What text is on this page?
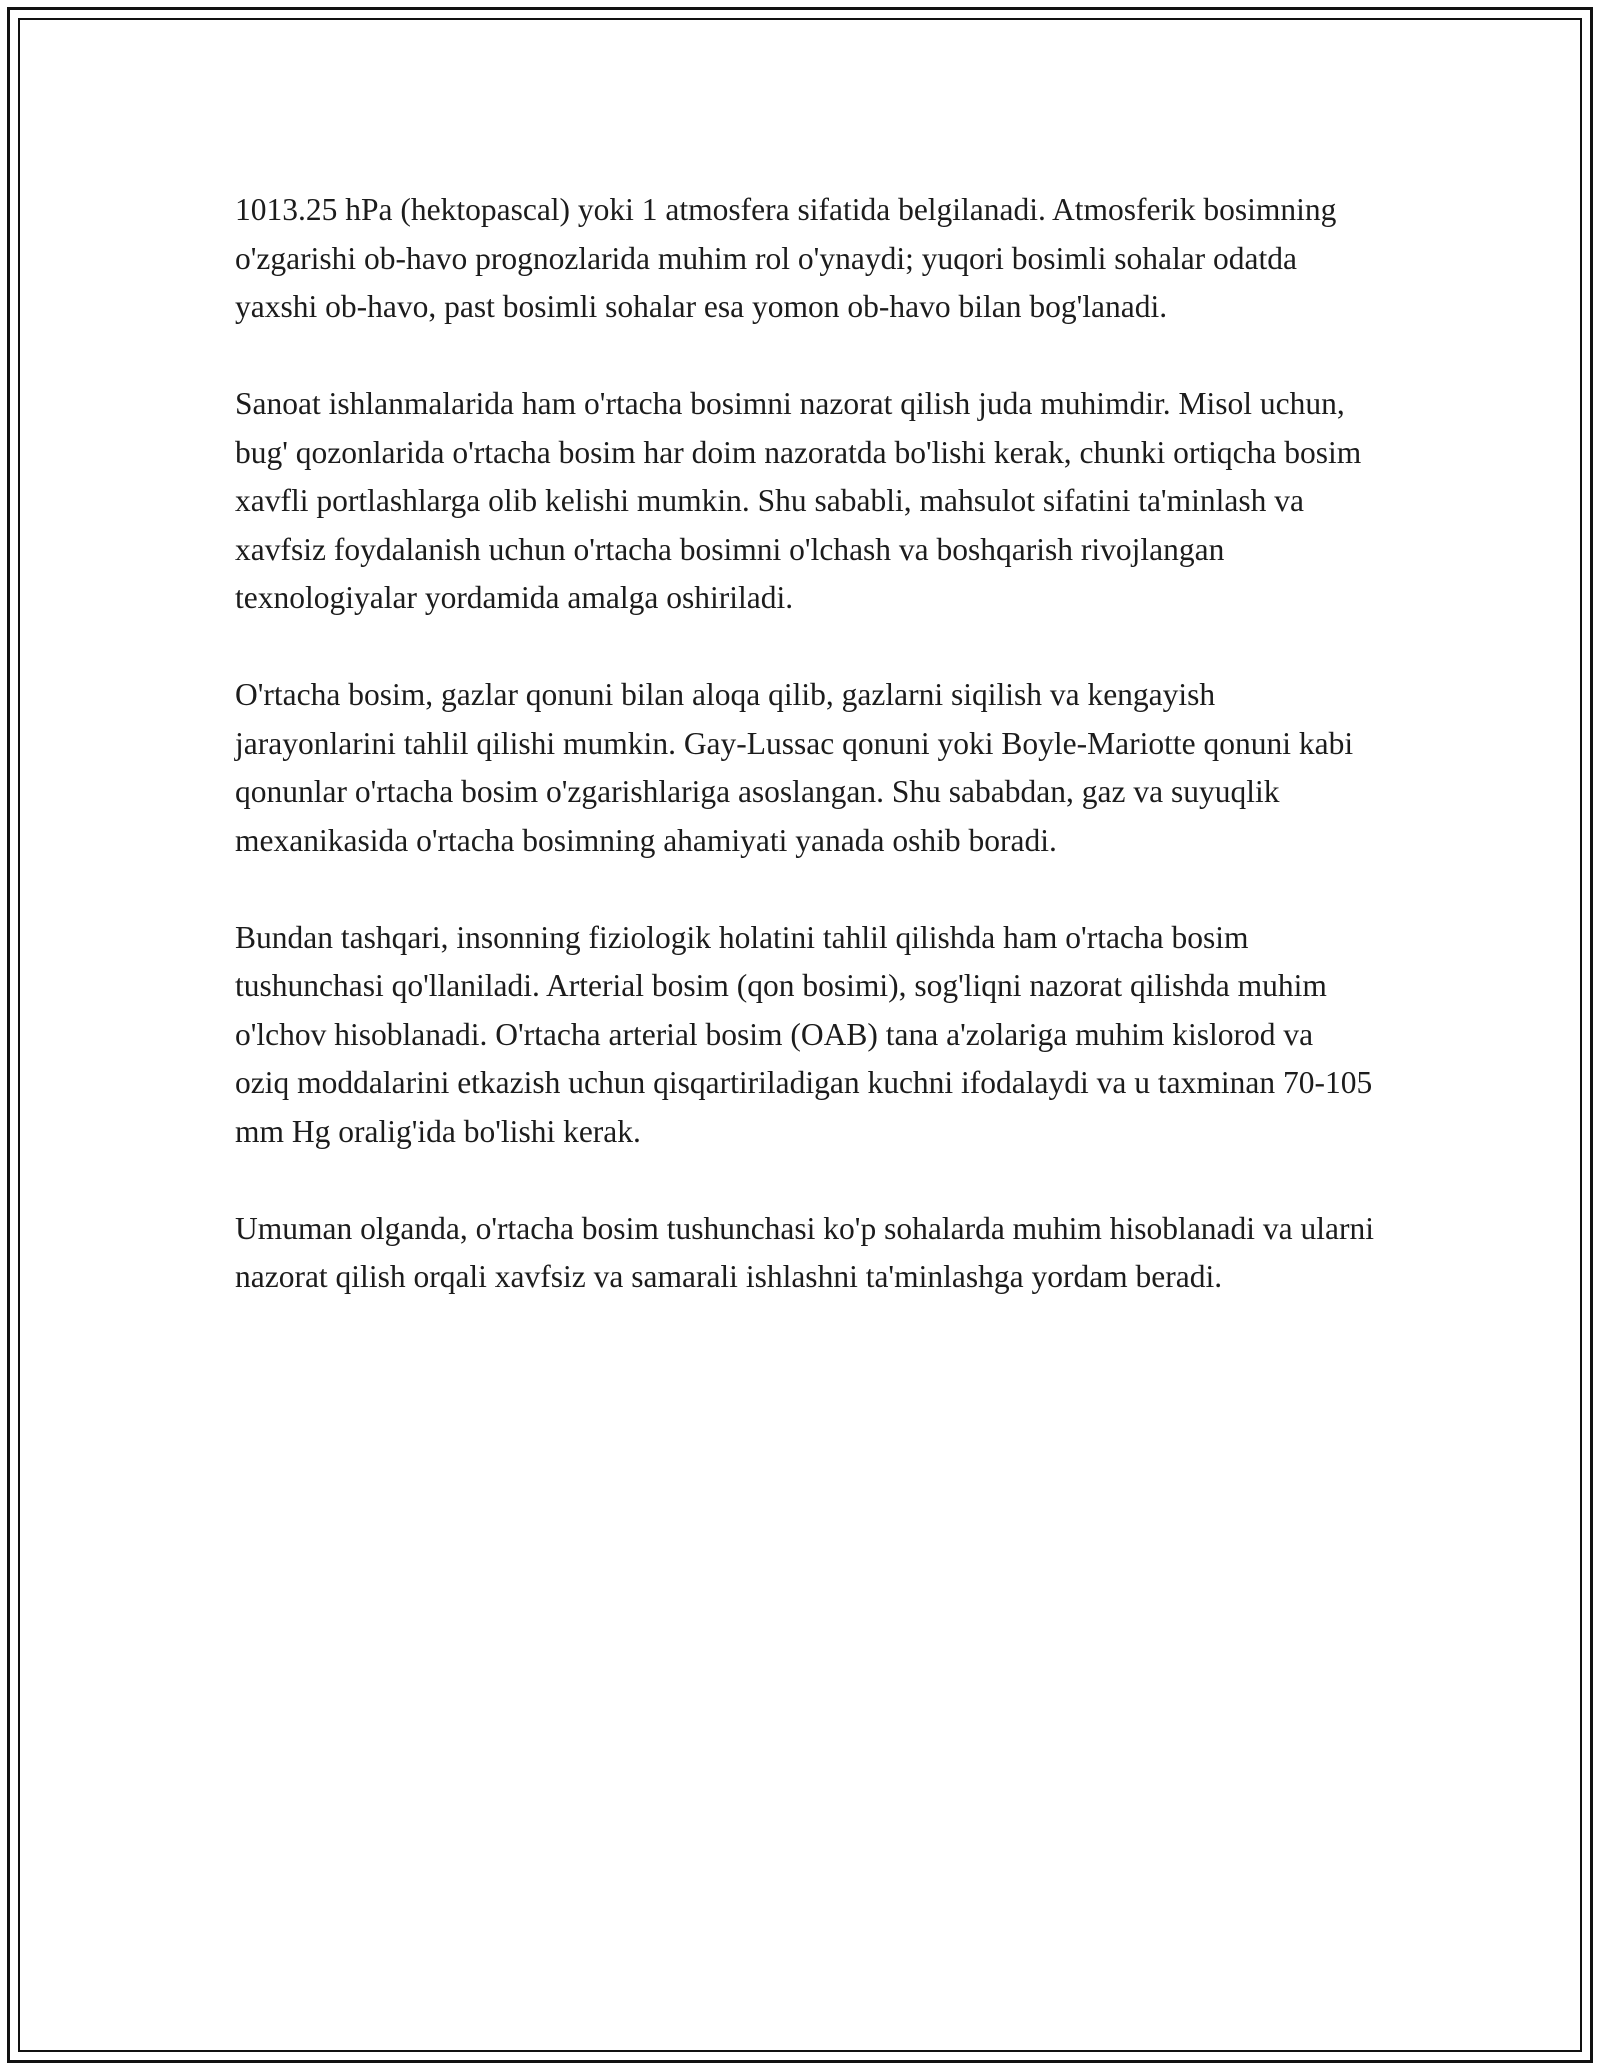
1013.25 hPa (hektopascal) yoki 1 atmosfera sifatida belgilanadi. Atmosferik bosimning o'zgarishi ob-havo prognozlarida muhim rol o'ynaydi; yuqori bosimli sohalar odatda yaxshi ob-havo, past bosimli sohalar esa yomon ob-havo bilan bog'lanadi.

Sanoat ishlanmalarida ham o'rtacha bosimni nazorat qilish juda muhimdir. Misol uchun, bug' qozonlarida o'rtacha bosim har doim nazoratda bo'lishi kerak, chunki ortiqcha bosim xavfli portlashlarga olib kelishi mumkin. Shu sababli, mahsulot sifatini ta'minlash va xavfsiz foydalanish uchun o'rtacha bosimni o'lchash va boshqarish rivojlangan texnologiyalar yordamida amalga oshiriladi.

O'rtacha bosim, gazlar qonuni bilan aloqa qilib, gazlarni siqilish va kengayish jarayonlarini tahlil qilishi mumkin. Gay-Lussac qonuni yoki Boyle-Mariotte qonuni kabi qonunlar o'rtacha bosim o'zgarishlariga asoslangan. Shu sababdan, gaz va suyuqlik mexanikasida o'rtacha bosimning ahamiyati yanada oshib boradi.

Bundan tashqari, insonning fiziologik holatini tahlil qilishda ham o'rtacha bosim tushunchasi qo'llaniladi. Arterial bosim (qon bosimi), sog'liqni nazorat qilishda muhim o'lchov hisoblanadi. O'rtacha arterial bosim (OAB) tana a'zolariga muhim kislorod va oziq moddalarini etkazish uchun qisqartiriladigan kuchni ifodalaydi va u taxminan 70-105 mm Hg oralig'ida bo'lishi kerak.

Umuman olganda, o'rtacha bosim tushunchasi ko'p sohalarda muhim hisoblanadi va ularni nazorat qilish orqali xavfsiz va samarali ishlashni ta'minlashga yordam beradi.
